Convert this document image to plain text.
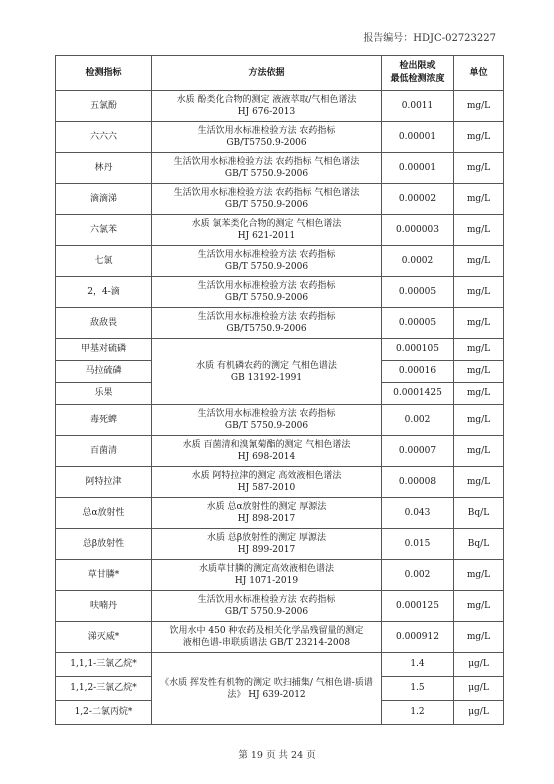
报告编号：HDJC-02723227
检测指标	方法依据	检出限或
最低检测浓度	单位
五氯酚	水质 酚类化合物的测定 液液萃取/气相色谱法
HJ 676-2013	0.0011	mg/L
六六六	生活饮用水标准检验方法 农药指标
GB/T5750.9-2006	0.00001	mg/L
林丹	生活饮用水标准检验方法 农药指标 气相色谱法
GB/T 5750.9-2006	0.00001	mg/L
滴滴涕	生活饮用水标准检验方法 农药指标 气相色谱法
GB/T 5750.9-2006	0.00002	mg/L
六氯苯	水质 氯苯类化合物的测定 气相色谱法
HJ 621-2011	0.000003	mg/L
七氯	生活饮用水标准检验方法 农药指标
GB/T 5750.9-2006	0.0002	mg/L
2，4-滴	生活饮用水标准检验方法 农药指标
GB/T 5750.9-2006	0.00005	mg/L
敌敌畏	生活饮用水标准检验方法 农药指标
GB/T5750.9-2006	0.00005	mg/L
甲基对硫磷	水质 有机磷农药的测定 气相色谱法
GB 13192-1991	0.000105	mg/L
马拉硫磷		0.00016	mg/L
乐果		0.0001425	mg/L
毒死蜱	生活饮用水标准检验方法 农药指标
GB/T 5750.9-2006	0.002	mg/L
百菌清	水质 百菌清和溴氰菊酯的测定 气相色谱法
HJ 698-2014	0.00007	mg/L
阿特拉津	水质 阿特拉津的测定 高效液相色谱法
HJ 587-2010	0.00008	mg/L
总α放射性	水质 总α放射性的测定 厚源法
HJ 898-2017	0.043	Bq/L
总β放射性	水质 总β放射性的测定 厚源法
HJ 899-2017	0.015	Bq/L
草甘膦*	水质草甘膦的测定高效液相色谱法
HJ 1071-2019	0.002	mg/L
呋喃丹	生活饮用水标准检验方法 农药指标
GB/T 5750.9-2006	0.000125	mg/L
涕灭威*	饮用水中 450 种农药及相关化学品残留量的测定
液相色谱-串联质谱法 GB/T 23214-2008	0.000912	mg/L
1,1,1-三氯乙烷*	《水质 挥发性有机物的测定 吹扫捕集/ 气相色谱-质谱
法》 HJ 639-2012	1.4	μg/L
1,1,2-三氯乙烷*		1.5	μg/L
1,2-二氯丙烷*		1.2	μg/L
第 19 页 共 24 页
